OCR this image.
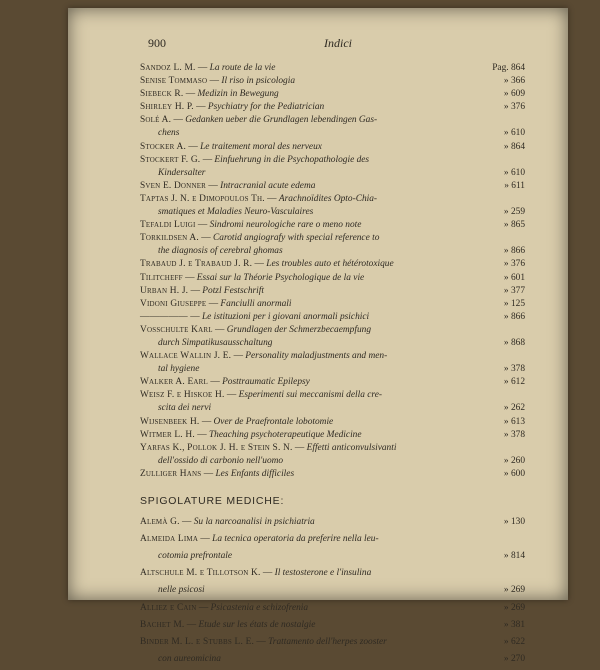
900	Indici
Sandoz L. M. — La route de la vie	Pag. 864
Senise Tommaso — Il riso in psicologia	» 366
Siebeck R. — Medizin in Bewegung	» 609
Shirley H. P. — Psychiatry for the Pediatrician	» 376
Solé A. — Gedanken ueber die Grundlagen lebendingen Gas-
chens	» 610
Stocker A. — Le traitement moral des nerveux	» 864
Stockert F. G. — Einfuehrung in die Psychopathologie des
Kindersalter	» 610
Sven E. Donner — Intracranial acute edema	» 611
Taptas J. N. e Dimopoulos Th. — Arachnoïdites Opto-Chia-
smatiques et Maladies Neuro-Vasculaires	» 259
Tefaldi Luigi — Sindromi neurologiche rare o meno note	» 865
Torkildsen A. — Carotid angiografy with special reference to
the diagnosis of cerebral ghomas	» 866
Trabaud J. e Trabaud J. R. — Les troubles auto et hétérotoxique	» 376
Tilitcheff — Essai sur la Théorie Psychologique de la vie	» 601
Urban H. J. — Potzl Festschrift	» 377
Vidoni Giuseppe — Fanciulli anormali	» 125
————— — Le istituzioni per i giovani anormali psichici	» 866
Vosschulte Karl — Grundlagen der Schmerzbecaempfung
durch Simpatikusausschaltung	» 868
Wallace Wallin J. E. — Personality maladjustments and men-
tal hygiene	» 378
Walker A. Earl — Posttraumatic Epilepsy	» 612
Weisz F. e Hiskoe H. — Esperimenti sui meccanismi della cre-
scita dei nervi	» 262
Wijsenbeek H. — Over de Praefrontale lobotomie	» 613
Witmer L. H. — Theaching psychoterapeutique Medicine	» 378
Yarfas K., Pollok J. H. e Stein S. N. — Effetti anticonvulsivanti
dell'ossido di carbonio nell'uomo	» 260
Zulliger Hans — Les Enfants difficiles	» 600
SPIGOLATURE MEDICHE:
Alemà G. — Su la narcoanalisi in psichiatria	» 130
Almeida Lima — La tecnica operatoria da preferire nella leu-
cotomia prefrontale	» 814
Altschule M. e Tillotson K. — Il testosterone e l'insulina
nelle psicosi	» 269
Alliez e Cain — Psicastenia e schizofrenia	» 269
Bachet M. — Etude sur les états de nostalgie	» 381
Binder M. L. e Stubbs L. E. — Trattamento dell'herpes zooster	» 622
con aureomicina	» 270
